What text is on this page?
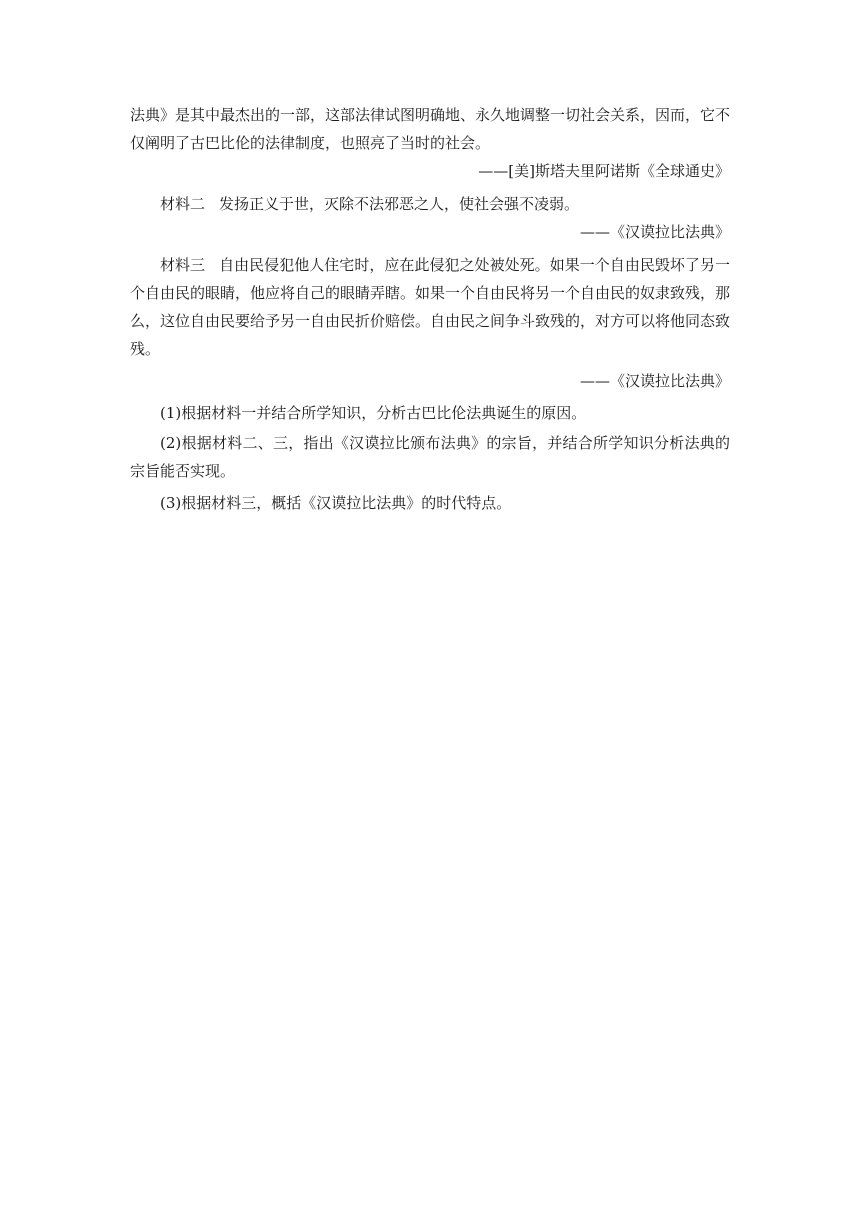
法典》是其中最杰出的一部，这部法律试图明确地、永久地调整一切社会关系，因而，它不
仅阐明了古巴比伦的法律制度，也照亮了当时的社会。
——[美]斯塔夫里阿诺斯《全球通史》
材料二 发扬正义于世，灭除不法邪恶之人，使社会强不凌弱。
——《汉谟拉比法典》
材料三 自由民侵犯他人住宅时，应在此侵犯之处被处死。如果一个自由民毁坏了另一
个自由民的眼睛，他应将自己的眼睛弄瞎。如果一个自由民将另一个自由民的奴隶致残，那
么，这位自由民要给予另一自由民折价赔偿。自由民之间争斗致残的，对方可以将他同态致
残。
——《汉谟拉比法典》
(1)根据材料一并结合所学知识，分析古巴比伦法典诞生的原因。
(2)根据材料二、三，指出《汉谟拉比颁布法典》的宗旨，并结合所学知识分析法典的
宗旨能否实现。
(3)根据材料三，概括《汉谟拉比法典》的时代特点。
